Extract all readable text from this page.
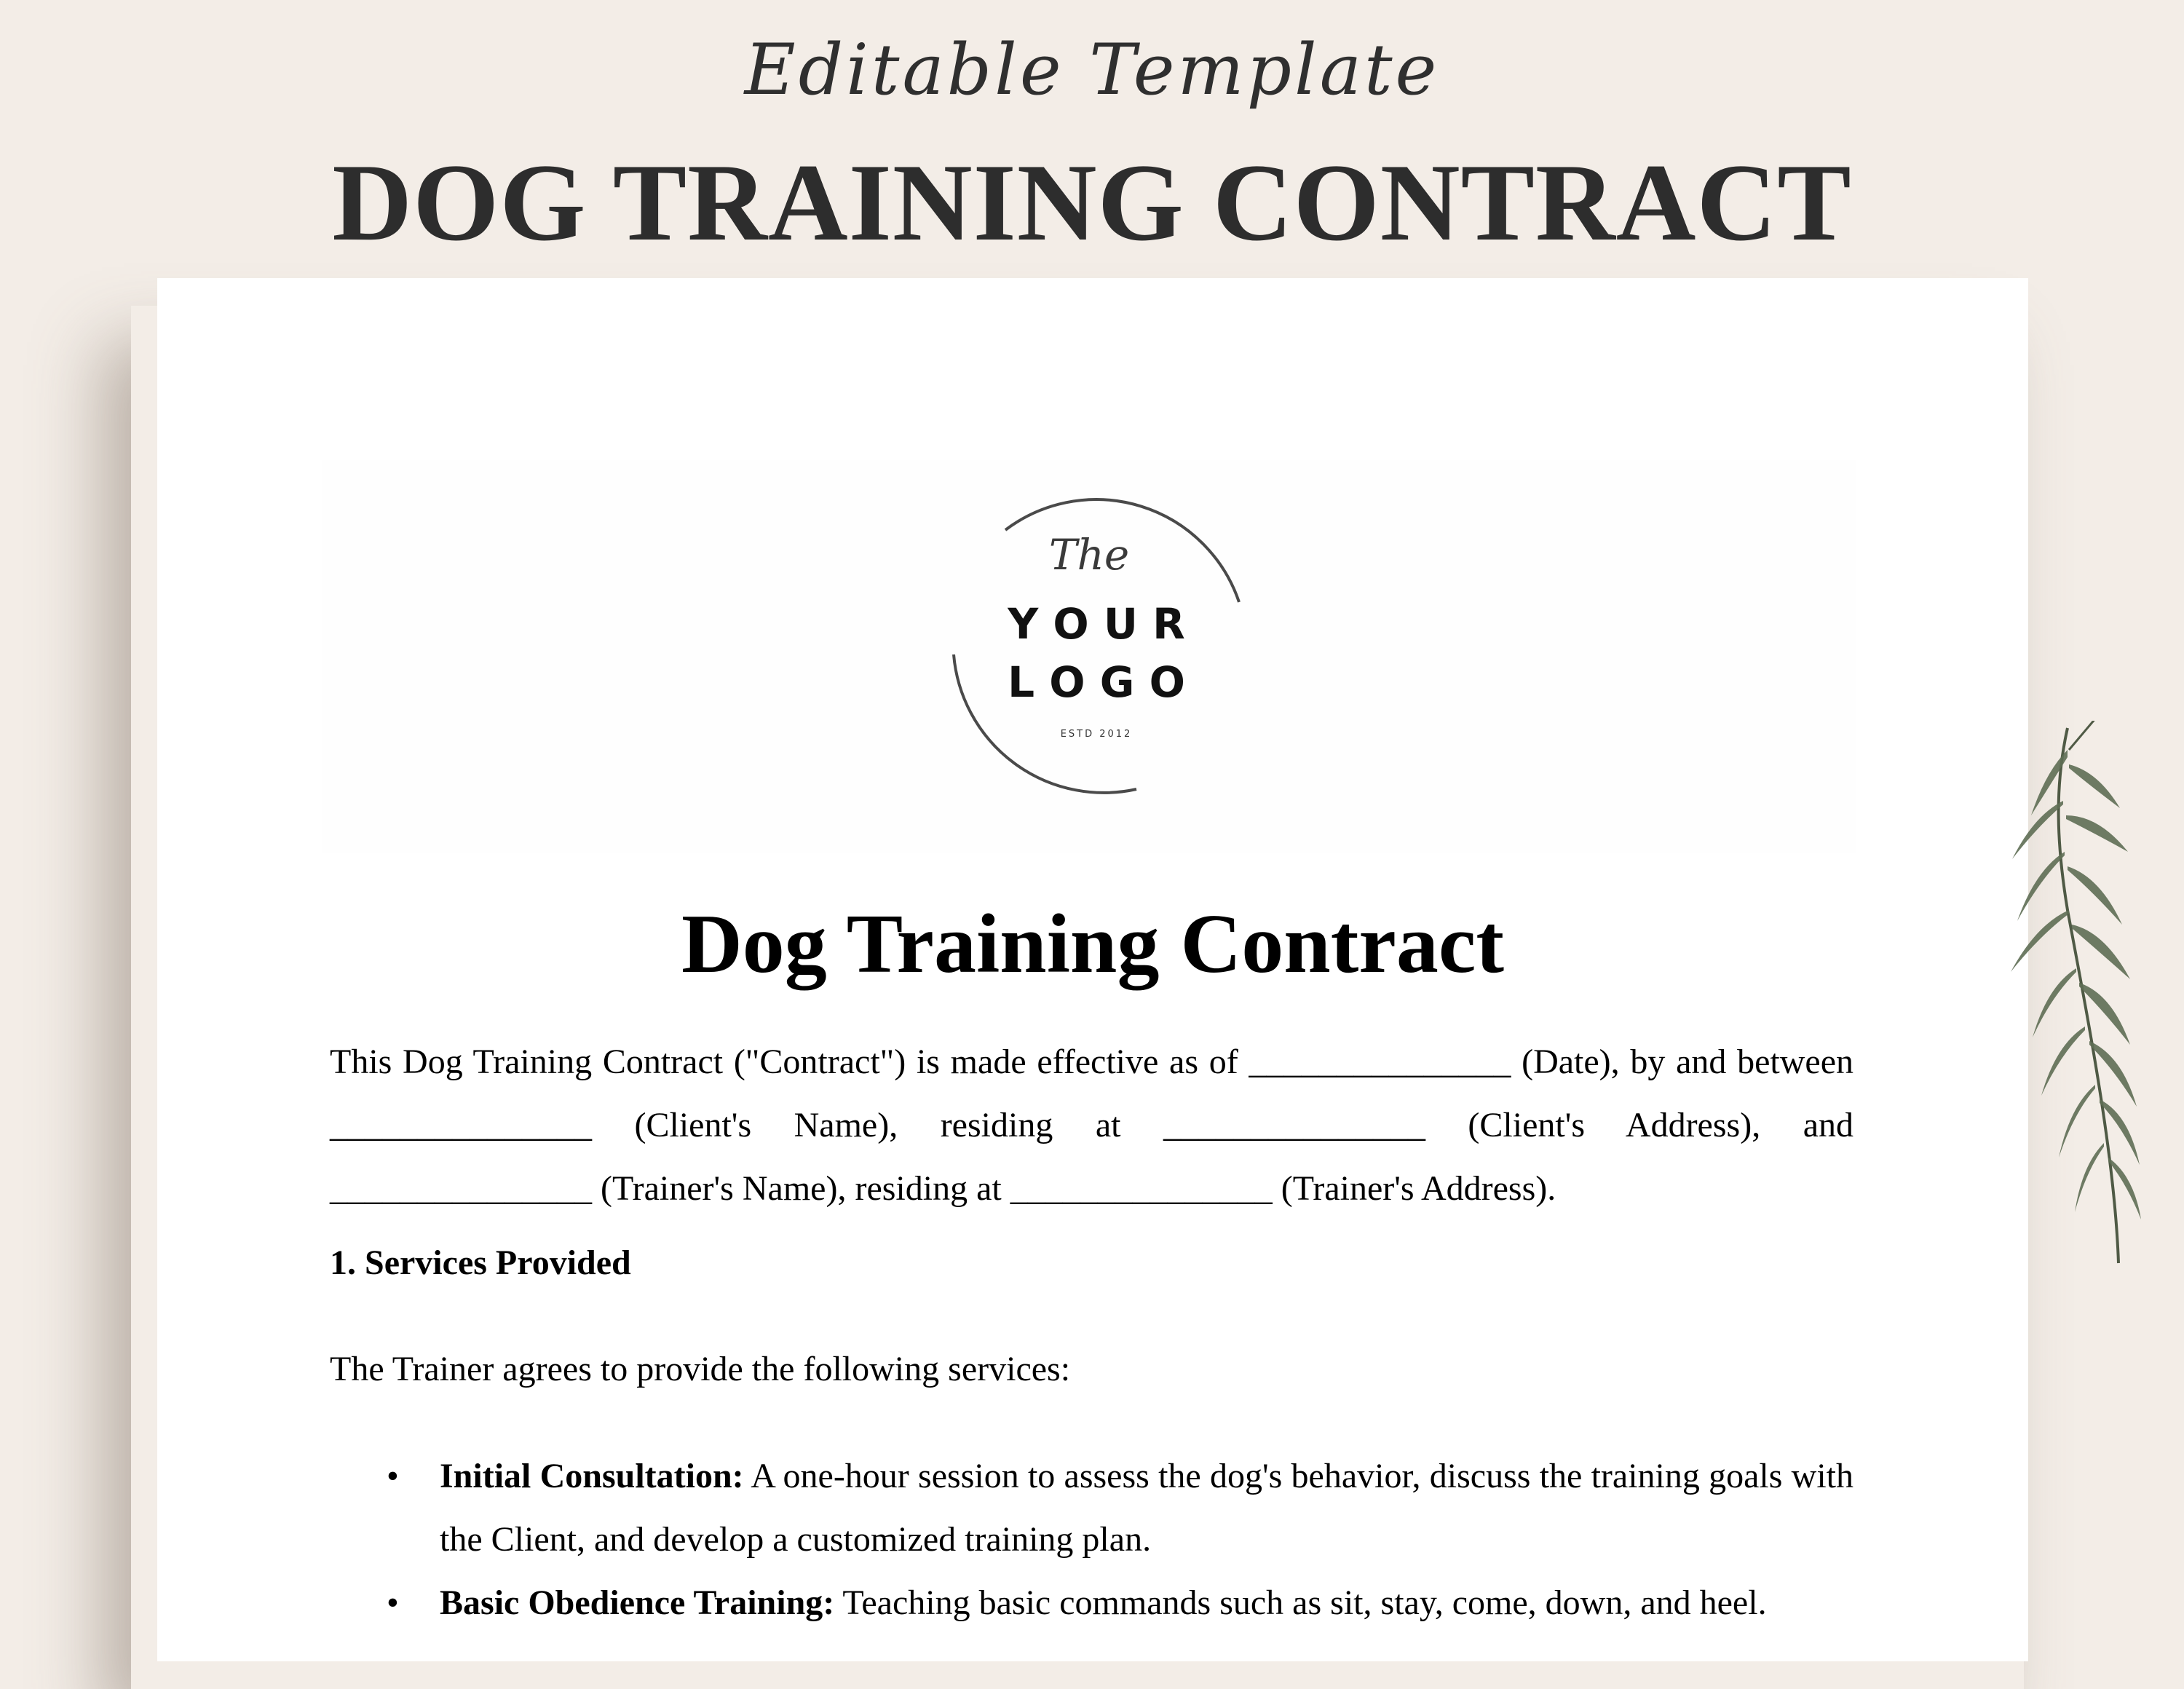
Editable Template
DOG TRAINING CONTRACT
The
Y O U R
L O G O
ESTD 2012
Dog Training Contract
This Dog Training Contract ("Contract") is made effective as of _______________ (Date), by and between _______________ (Client's Name), residing at _______________ (Client's Address), and _______________ (Trainer's Name), residing at _______________ (Trainer's Address).
1. Services Provided
The Trainer agrees to provide the following services:
• Initial Consultation: A one-hour session to assess the dog's behavior, discuss the training goals with the Client, and develop a customized training plan.
• Basic Obedience Training: Teaching basic commands such as sit, stay, come, down, and heel.
